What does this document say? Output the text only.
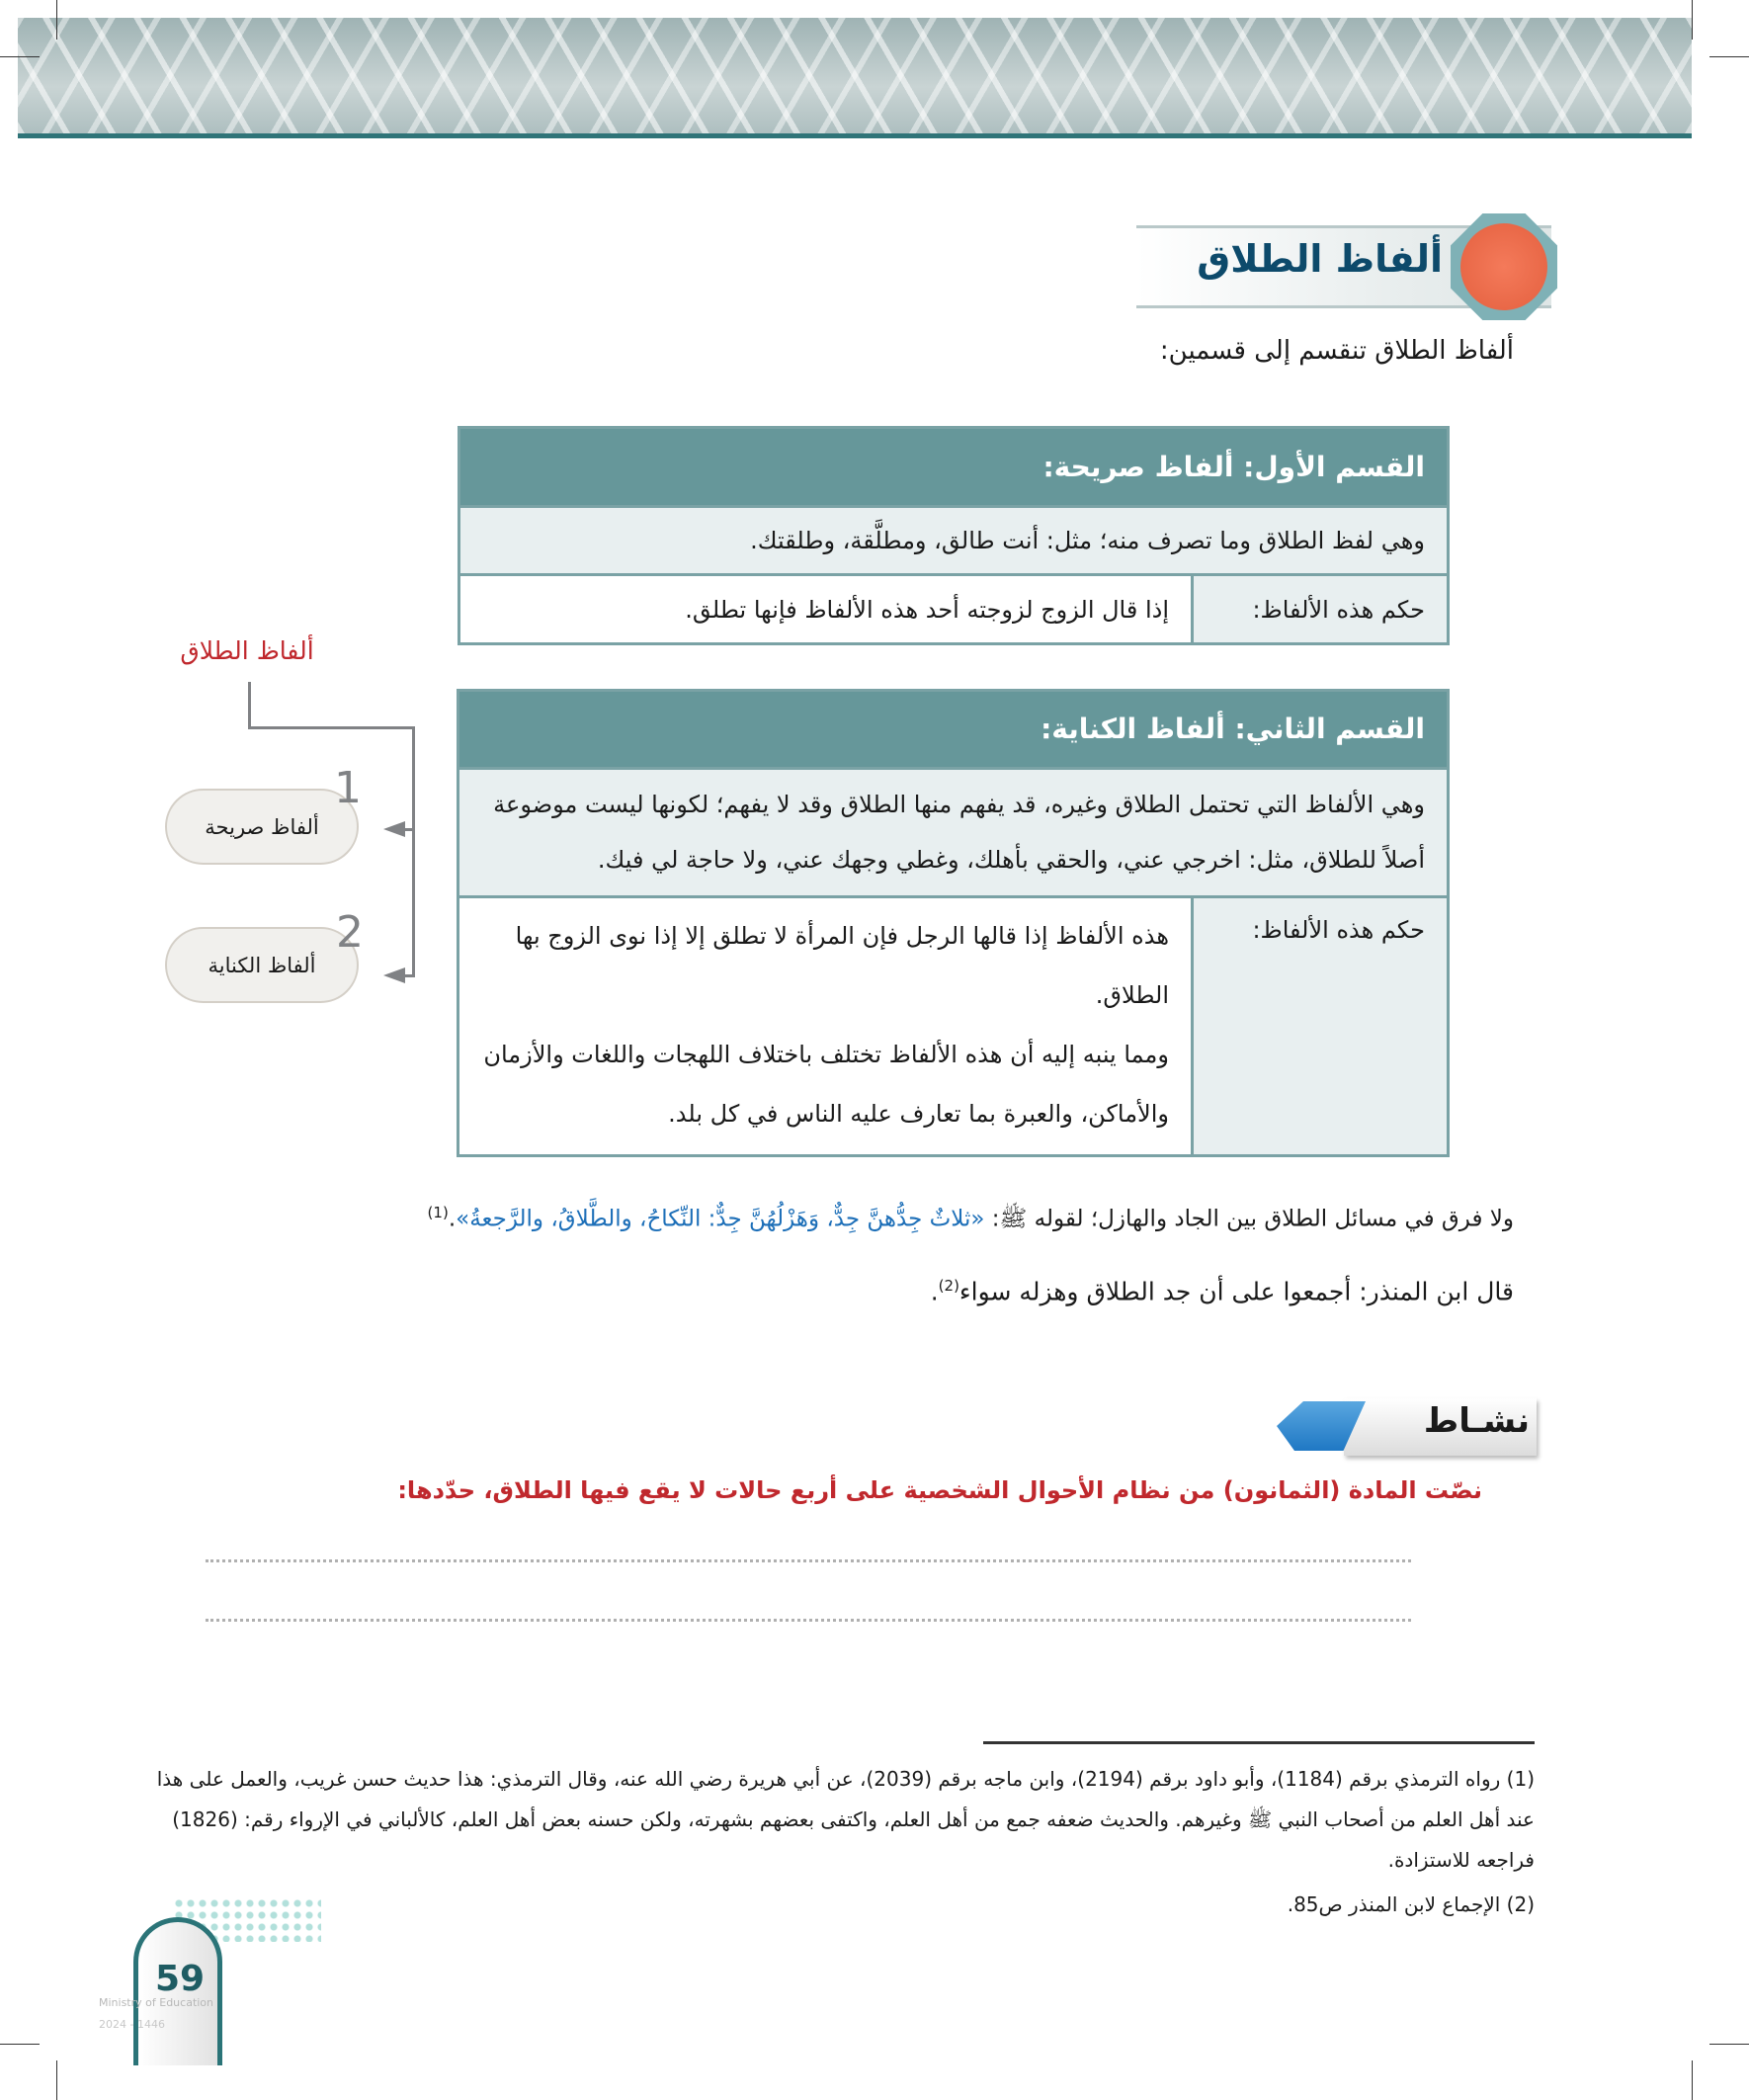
ألفاظ الطلاق
ألفاظ الطلاق تنقسم إلى قسمين:
القسم الأول: ألفاظ صريحة:
وهي لفظ الطلاق وما تصرف منه؛ مثل: أنت طالق، ومطلَّقة، وطلقتك.
حكم هذه الألفاظ:	إذا قال الزوج لزوجته أحد هذه الألفاظ فإنها تطلق.
القسم الثاني: ألفاظ الكناية:
وهي الألفاظ التي تحتمل الطلاق وغيره، قد يفهم منها الطلاق وقد لا يفهم؛ لكونها ليست موضوعة أصلاً للطلاق، مثل: اخرجي عني، والحقي بأهلك، وغطي وجهك عني، ولا حاجة لي فيك.
حكم هذه الألفاظ:	
هذه الألفاظ إذا قالها الرجل فإن المرأة لا تطلق إلا إذا نوى الزوج بها الطلاق.
ومما ينبه إليه أن هذه الألفاظ تختلف باختلاف اللهجات واللغات والأزمان والأماكن، والعبرة بما تعارف عليه الناس في كل بلد.
ألفاظ الطلاق
ألفاظ صريحة
ألفاظ الكناية
1
2
ولا فرق في مسائل الطلاق بين الجاد والهازل؛ لقوله ﷺ: «ثلاثٌ جِدُّهنَّ جِدٌّ، وَهَزْلُهُنَّ جِدٌّ: النِّكاحُ، والطَّلاقُ، والرَّجعةُ».$^{(1)}$
قال ابن المنذر: أجمعوا على أن جد الطلاق وهزله سواء$^{(2)}$.
نشـاط
نصّت المادة (الثمانون) من نظام الأحوال الشخصية على أربع حالات لا يقع فيها الطلاق، حدّدها:
(1) رواه الترمذي برقم (1184)، وأبو داود برقم (2194)، وابن ماجه برقم (2039)، عن أبي هريرة رضي الله عنه، وقال الترمذي: هذا حديث حسن غريب، والعمل على هذا عند أهل العلم من أصحاب النبي ﷺ وغيرهم. والحديث ضعفه جمع من أهل العلم، واكتفى بعضهم بشهرته، ولكن حسنه بعض أهل العلم، كالألباني في الإرواء رقم: (1826) فراجعه للاستزادة.
(2) الإجماع لابن المنذر ص85.
59
Ministry of Education
2024 - 1446
